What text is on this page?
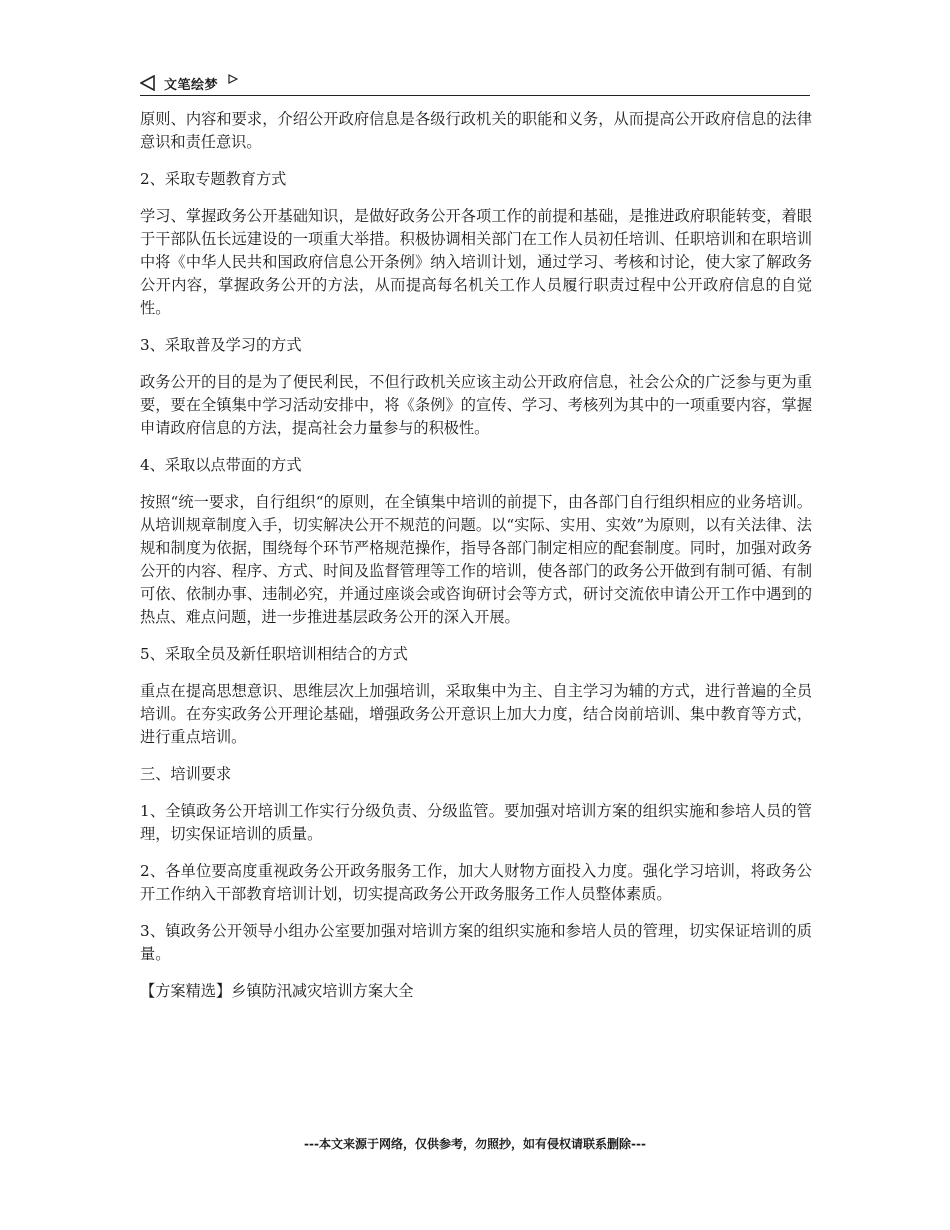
文笔绘梦

原则、内容和要求，介绍公开政府信息是各级行政机关的职能和义务，从而提高公开政府信息的法律意识和责任意识。

2、采取专题教育方式

学习、掌握政务公开基础知识，是做好政务公开各项工作的前提和基础，是推进政府职能转变，着眼于干部队伍长远建设的一项重大举措。积极协调相关部门在工作人员初任培训、任职培训和在职培训中将《中华人民共和国政府信息公开条例》纳入培训计划，通过学习、考核和讨论，使大家了解政务公开内容，掌握政务公开的方法，从而提高每名机关工作人员履行职责过程中公开政府信息的自觉性。

3、采取普及学习的方式

政务公开的目的是为了便民利民，不但行政机关应该主动公开政府信息，社会公众的广泛参与更为重要，要在全镇集中学习活动安排中，将《条例》的宣传、学习、考核列为其中的一项重要内容，掌握申请政府信息的方法，提高社会力量参与的积极性。

4、采取以点带面的方式

按照“统一要求，自行组织“的原则，在全镇集中培训的前提下，由各部门自行组织相应的业务培训。从培训规章制度入手，切实解决公开不规范的问题。以“实际、实用、实效”为原则，以有关法律、法规和制度为依据，围绕每个环节严格规范操作，指导各部门制定相应的配套制度。同时，加强对政务公开的内容、程序、方式、时间及监督管理等工作的培训，使各部门的政务公开做到有制可循、有制可依、依制办事、违制必究，并通过座谈会或咨询研讨会等方式，研讨交流依申请公开工作中遇到的热点、难点问题，进一步推进基层政务公开的深入开展。

5、采取全员及新任职培训相结合的方式

重点在提高思想意识、思维层次上加强培训，采取集中为主、自主学习为辅的方式，进行普遍的全员培训。在夯实政务公开理论基础，增强政务公开意识上加大力度，结合岗前培训、集中教育等方式，进行重点培训。

三、培训要求

1、全镇政务公开培训工作实行分级负责、分级监管。要加强对培训方案的组织实施和参培人员的管理，切实保证培训的质量。

2、各单位要高度重视政务公开政务服务工作，加大人财物方面投入力度。强化学习培训，将政务公开工作纳入干部教育培训计划，切实提高政务公开政务服务工作人员整体素质。

3、镇政务公开领导小组办公室要加强对培训方案的组织实施和参培人员的管理，切实保证培训的质量。

【方案精选】乡镇防汛减灾培训方案大全

---本文来源于网络，仅供参考，勿照抄，如有侵权请联系删除---
